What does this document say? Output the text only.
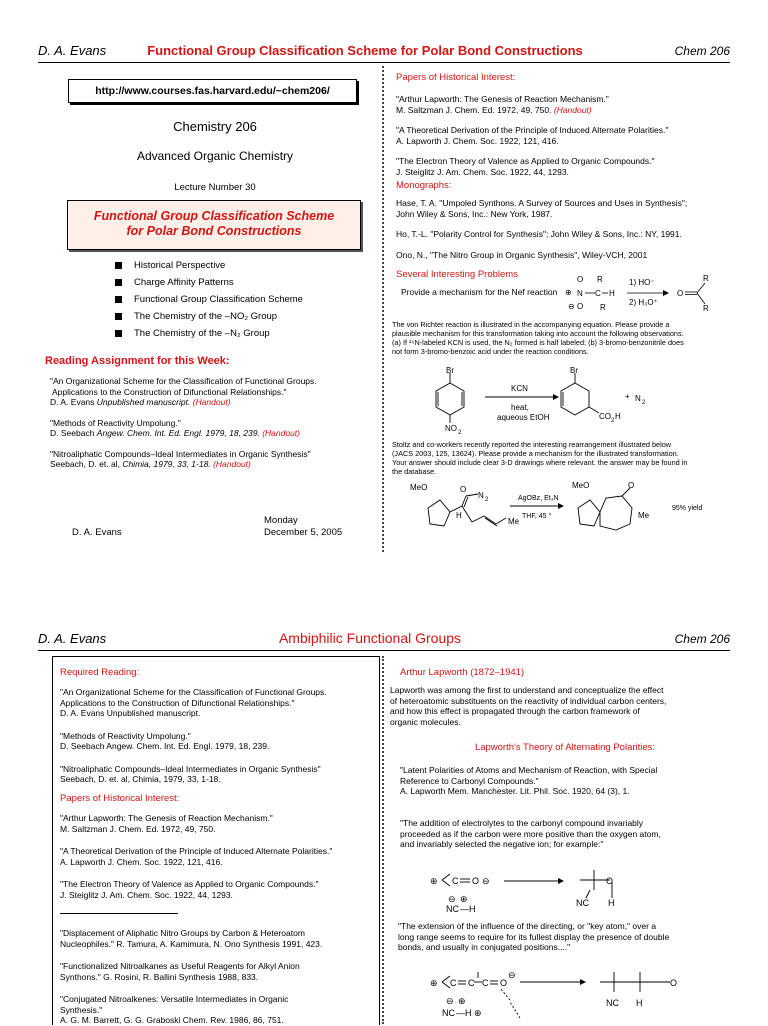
D. A. Evans	Functional Group Classification Scheme for Polar Bond Constructions	Chem 206
http://www.courses.fas.harvard.edu/~chem206/
Chemistry 206
Advanced Organic Chemistry
Lecture Number 30
Functional Group Classification Scheme
for Polar Bond Constructions
Historical Perspective
Charge Affinity Patterns
Functional Group Classification Scheme
The Chemistry of the –NO₂ Group
The Chemistry of the –N₂ Group
Reading Assignment for this Week:
"An Organizational Scheme for the Classification of Functional Groups.
Applications to the Construction of Difunctional Relationships."
D. A. Evans Unpublished manuscript. (Handout)
"Methods of Reactivity Umpolung."
D. Seebach Angew. Chem. Int. Ed. Engl. 1979, 18, 239. (Handout)
"Nitroaliphatic Compounds–Ideal Intermediates in Organic Synthesis"
Seebach, D. et. al, Chimia, 1979, 33, 1-18. (Handout)
Monday
D. A. Evans	December 5, 2005
Papers of Historical Interest:
"Arthur Lapworth: The Genesis of Reaction Mechanism."
M. Saltzman J. Chem. Ed. 1972, 49, 750. (Handout)
"A Theoretical Derivation of the Principle of Induced Alternate Polarities."
A. Lapworth J. Chem. Soc. 1922, 121, 416.
"The Electron Theory of Valence as Applied to Organic Compounds."
J. Steiglitz J. Am. Chem. Soc. 1922, 44, 1293.
Monographs:
Hase, T. A. "Umpoled Synthons. A Survey of Sources and Uses in Synthesis";
John Wiley & Sons, Inc.: New York, 1987.
Ho, T.-L. "Polarity Control for Synthesis"; John Wiley & Sons, Inc.: NY, 1991.
Ono, N., "The Nitro Group in Organic Synthesis", Wiley-VCH, 2001
Several Interesting Problems
Provide a mechanism for the Nef reaction
O
⊕ N
O
⊖
C H
R
R
1) HO⁻
2) H₃O⁺
O
R
R
The von Richter reaction is illustrated in the accompanying equation. Please provide a
plausible mechanism for this transformation taking into account the following observations.
(a) If ¹⁵N-labeled KCN is used, the N₂ formed is half labeled; (b) 3-bromo-benzonitrile does
not form 3-bromo-benzoic acid under the reaction conditions.
Br
NO 2
KCN
heat,
aqueous EtOH
Br
CO 2 H
+ N 2
Stoltz and co-workers recently reported the interesting rearrangement illustrated below
(JACS 2003, 125, 13624). Please provide a mechanism for the illustrated transformation.
Your answer should include clear 3-D drawings where relevant. the answer may be found in
the database.
MeO	O
N 2
H
Me
AgOBz, Et₃N
THF, 45 °
MeO	O
Me
95% yield
D. A. Evans	Ambiphilic Functional Groups	Chem 206
Required Reading:
"An Organizational Scheme for the Classification of Functional Groups.
Applications to the Construction of Difunctional Relationships."
D. A. Evans Unpublished manuscript.
"Methods of Reactivity Umpolung."
D. Seebach Angew. Chem. Int. Ed. Engl. 1979, 18, 239.
"Nitroaliphatic Compounds–Ideal Intermediates in Organic Synthesis"
Seebach, D. et. al, Chimia, 1979, 33, 1-18.
Papers of Historical Interest:
"Arthur Lapworth: The Genesis of Reaction Mechanism."
M. Saltzman J. Chem. Ed. 1972, 49, 750.
"A Theoretical Derivation of the Principle of Induced Alternate Polarities."
A. Lapworth J. Chem. Soc. 1922, 121, 416.
"The Electron Theory of Valence as Applied to Organic Compounds."
J. Steiglitz J. Am. Chem. Soc. 1922, 44, 1293.
"Displacement of Aliphatic Nitro Groups by Carbon & Heteroatom
Nucleophiles." R. Tamura, A. Kamimura, N. Ono Synthesis 1991, 423.
"Functionalized Nitroalkanes as Useful Reagents for Alkyl Anion
Synthons." G. Rosini, R. Ballini Synthesis 1988, 833.
"Conjugated Nitroalkenes: Versatile Intermediates in Organic
Synthesis."
A. G. M. Barrett, G. G. Graboski Chem. Rev. 1986, 86, 751.
Arthur Lapworth (1872–1941)
Lapworth was among the first to understand and conceptualize the effect
of heteroatomic substituents on the reactivity of individual carbon centers,
and how this effect is propagated through the carbon framework of
organic molecules.
Lapworth's Theory of Alternating Polarities:
"Latent Polarities of Atoms and Mechanism of Reaction, with Special
Reference to Carbonyl Compounds."
A. Lapworth Mem. Manchester. Lit. Phil. Soc. 1920, 64 (3), 1.
"The addition of electrolytes to the carbonyl compound invariably
proceeded as if the carbon were more positive than the oxygen atom,
and invariably selected the negative ion; for example:"
⊕ C O ⊖
⊖ ⊕
NC —H
O
NC H
"The extension of the influence of the directing, or "key atom," over a
long range seems to require for its fullest display the presence of double
bonds, and usually in conjugated positions...."
⊕ C C C O
⊖
⊖ ⊕
NC —H ⊕
O
NC H
